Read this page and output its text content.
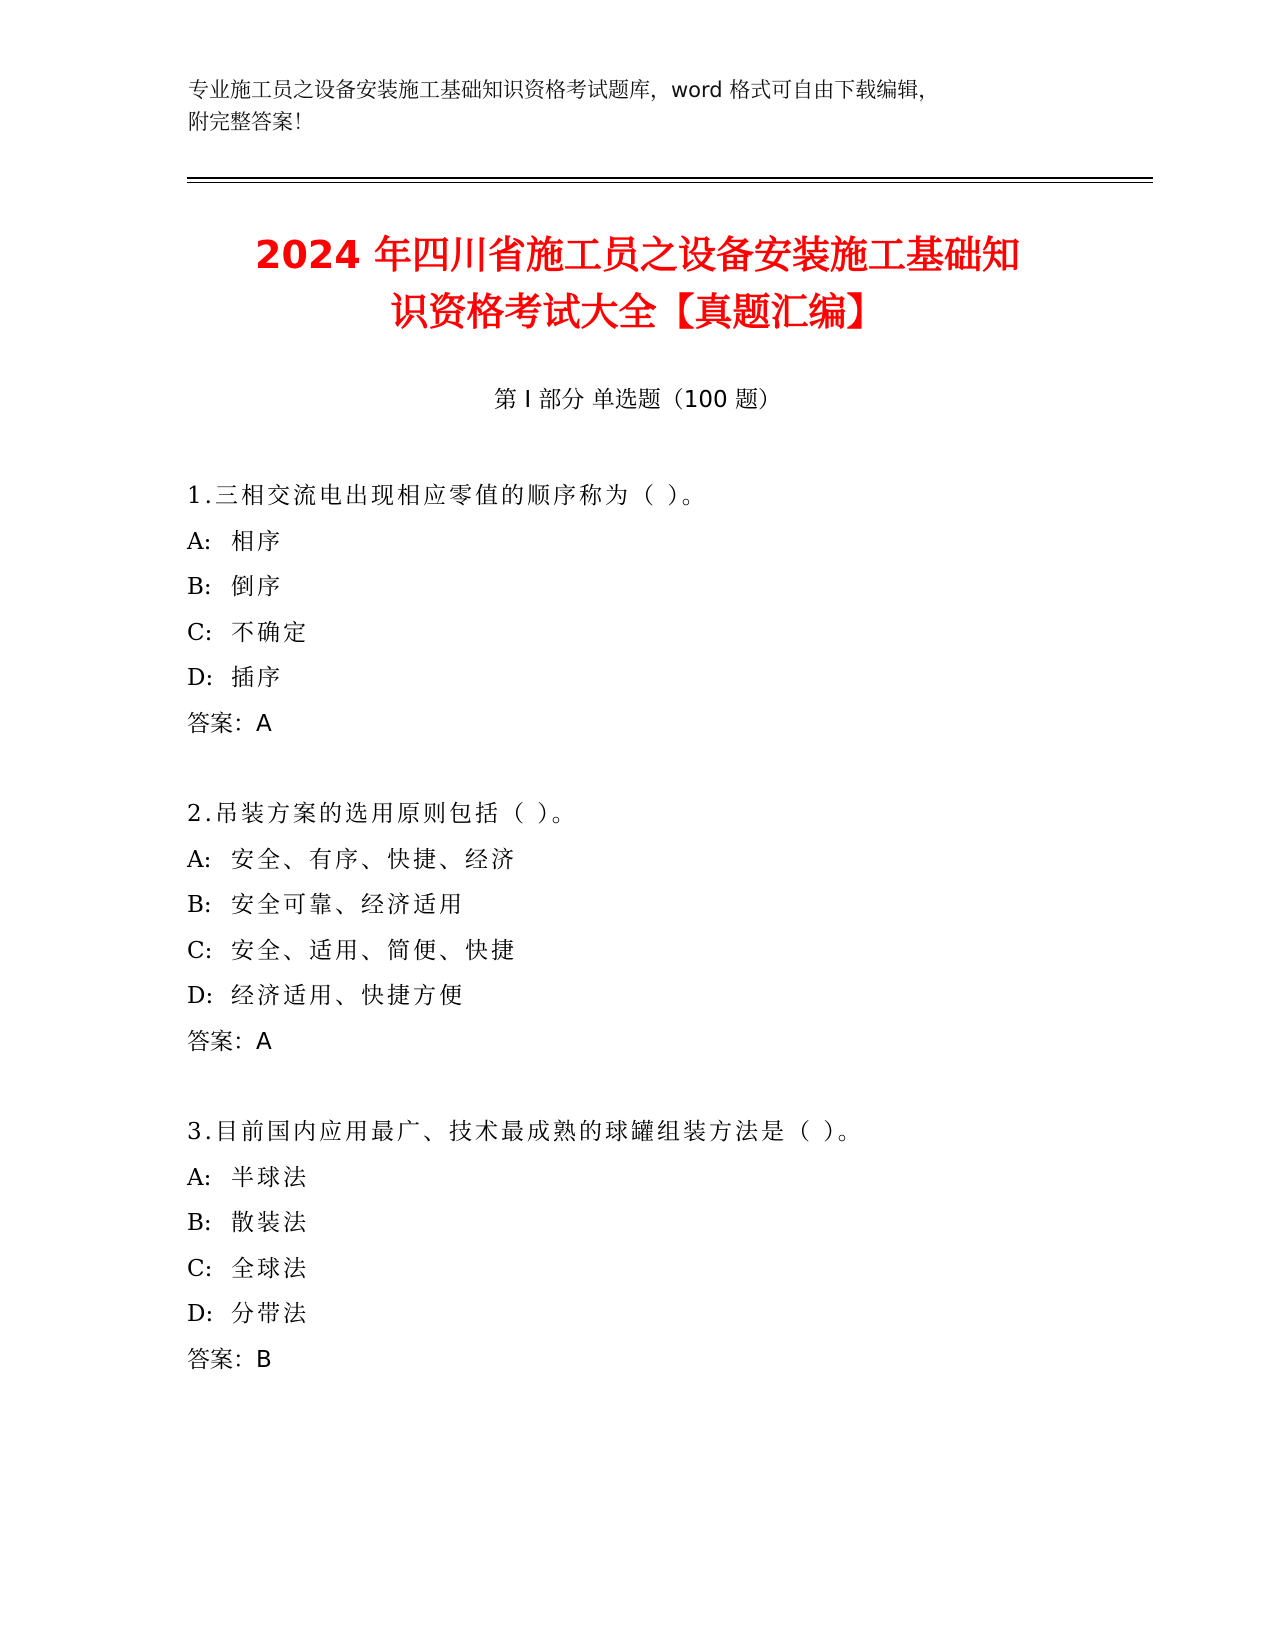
专业施工员之设备安装施工基础知识资格考试题库，word 格式可自由下载编辑，
附完整答案！
2024 年四川省施工员之设备安装施工基础知
识资格考试大全【真题汇编】
第 I 部分 单选题（100 题）
1.三相交流电出现相应零值的顺序称为（ ）。
A: 相序
B: 倒序
C: 不确定
D: 插序
答案：A
2.吊装方案的选用原则包括（ ）。
A: 安全、有序、快捷、经济
B: 安全可靠、经济适用
C: 安全、适用、简便、快捷
D: 经济适用、快捷方便
答案：A
3.目前国内应用最广、技术最成熟的球罐组装方法是（ ）。
A: 半球法
B: 散装法
C: 全球法
D: 分带法
答案：B
